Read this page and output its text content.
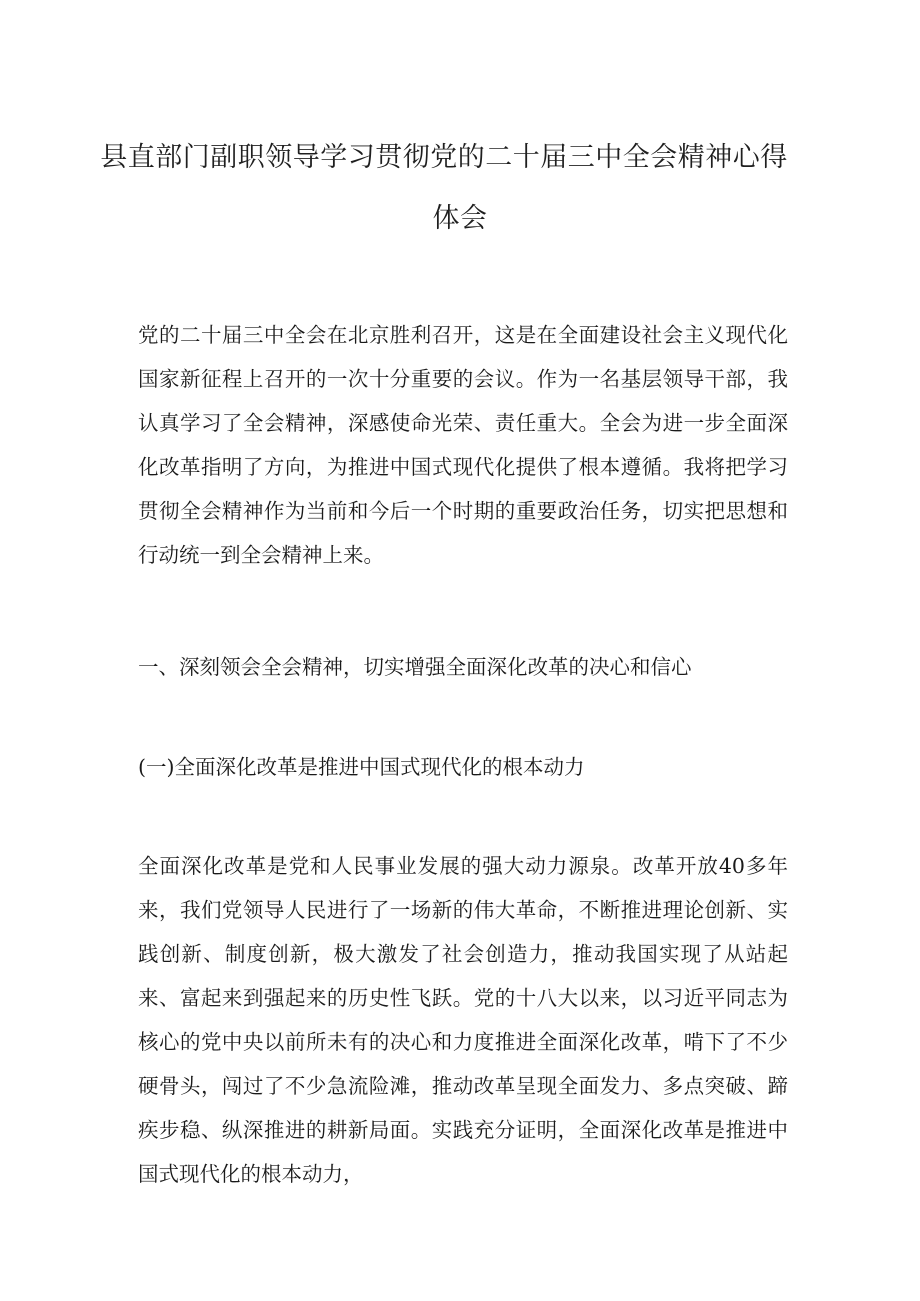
县直部门副职领导学习贯彻党的二十届三中全会精神心得
体会
党的二十届三中全会在北京胜利召开，这是在全面建设社会主义现代化国家新征程上召开的一次十分重要的会议。作为一名基层领导干部，我认真学习了全会精神，深感使命光荣、责任重大。全会为进一步全面深化改革指明了方向，为推进中国式现代化提供了根本遵循。我将把学习贯彻全会精神作为当前和今后一个时期的重要政治任务，切实把思想和行动统一到全会精神上来。
一、深刻领会全会精神，切实增强全面深化改革的决心和信心
(一)全面深化改革是推进中国式现代化的根本动力
全面深化改革是党和人民事业发展的强大动力源泉。改革开放40多年来，我们党领导人民进行了一场新的伟大革命，不断推进理论创新、实践创新、制度创新，极大激发了社会创造力，推动我国实现了从站起来、富起来到强起来的历史性飞跃。党的十八大以来，以习近平同志为核心的党中央以前所未有的决心和力度推进全面深化改革，啃下了不少硬骨头，闯过了不少急流险滩，推动改革呈现全面发力、多点突破、蹄疾步稳、纵深推进的耕新局面。实践充分证明，全面深化改革是推进中国式现代化的根本动力，
